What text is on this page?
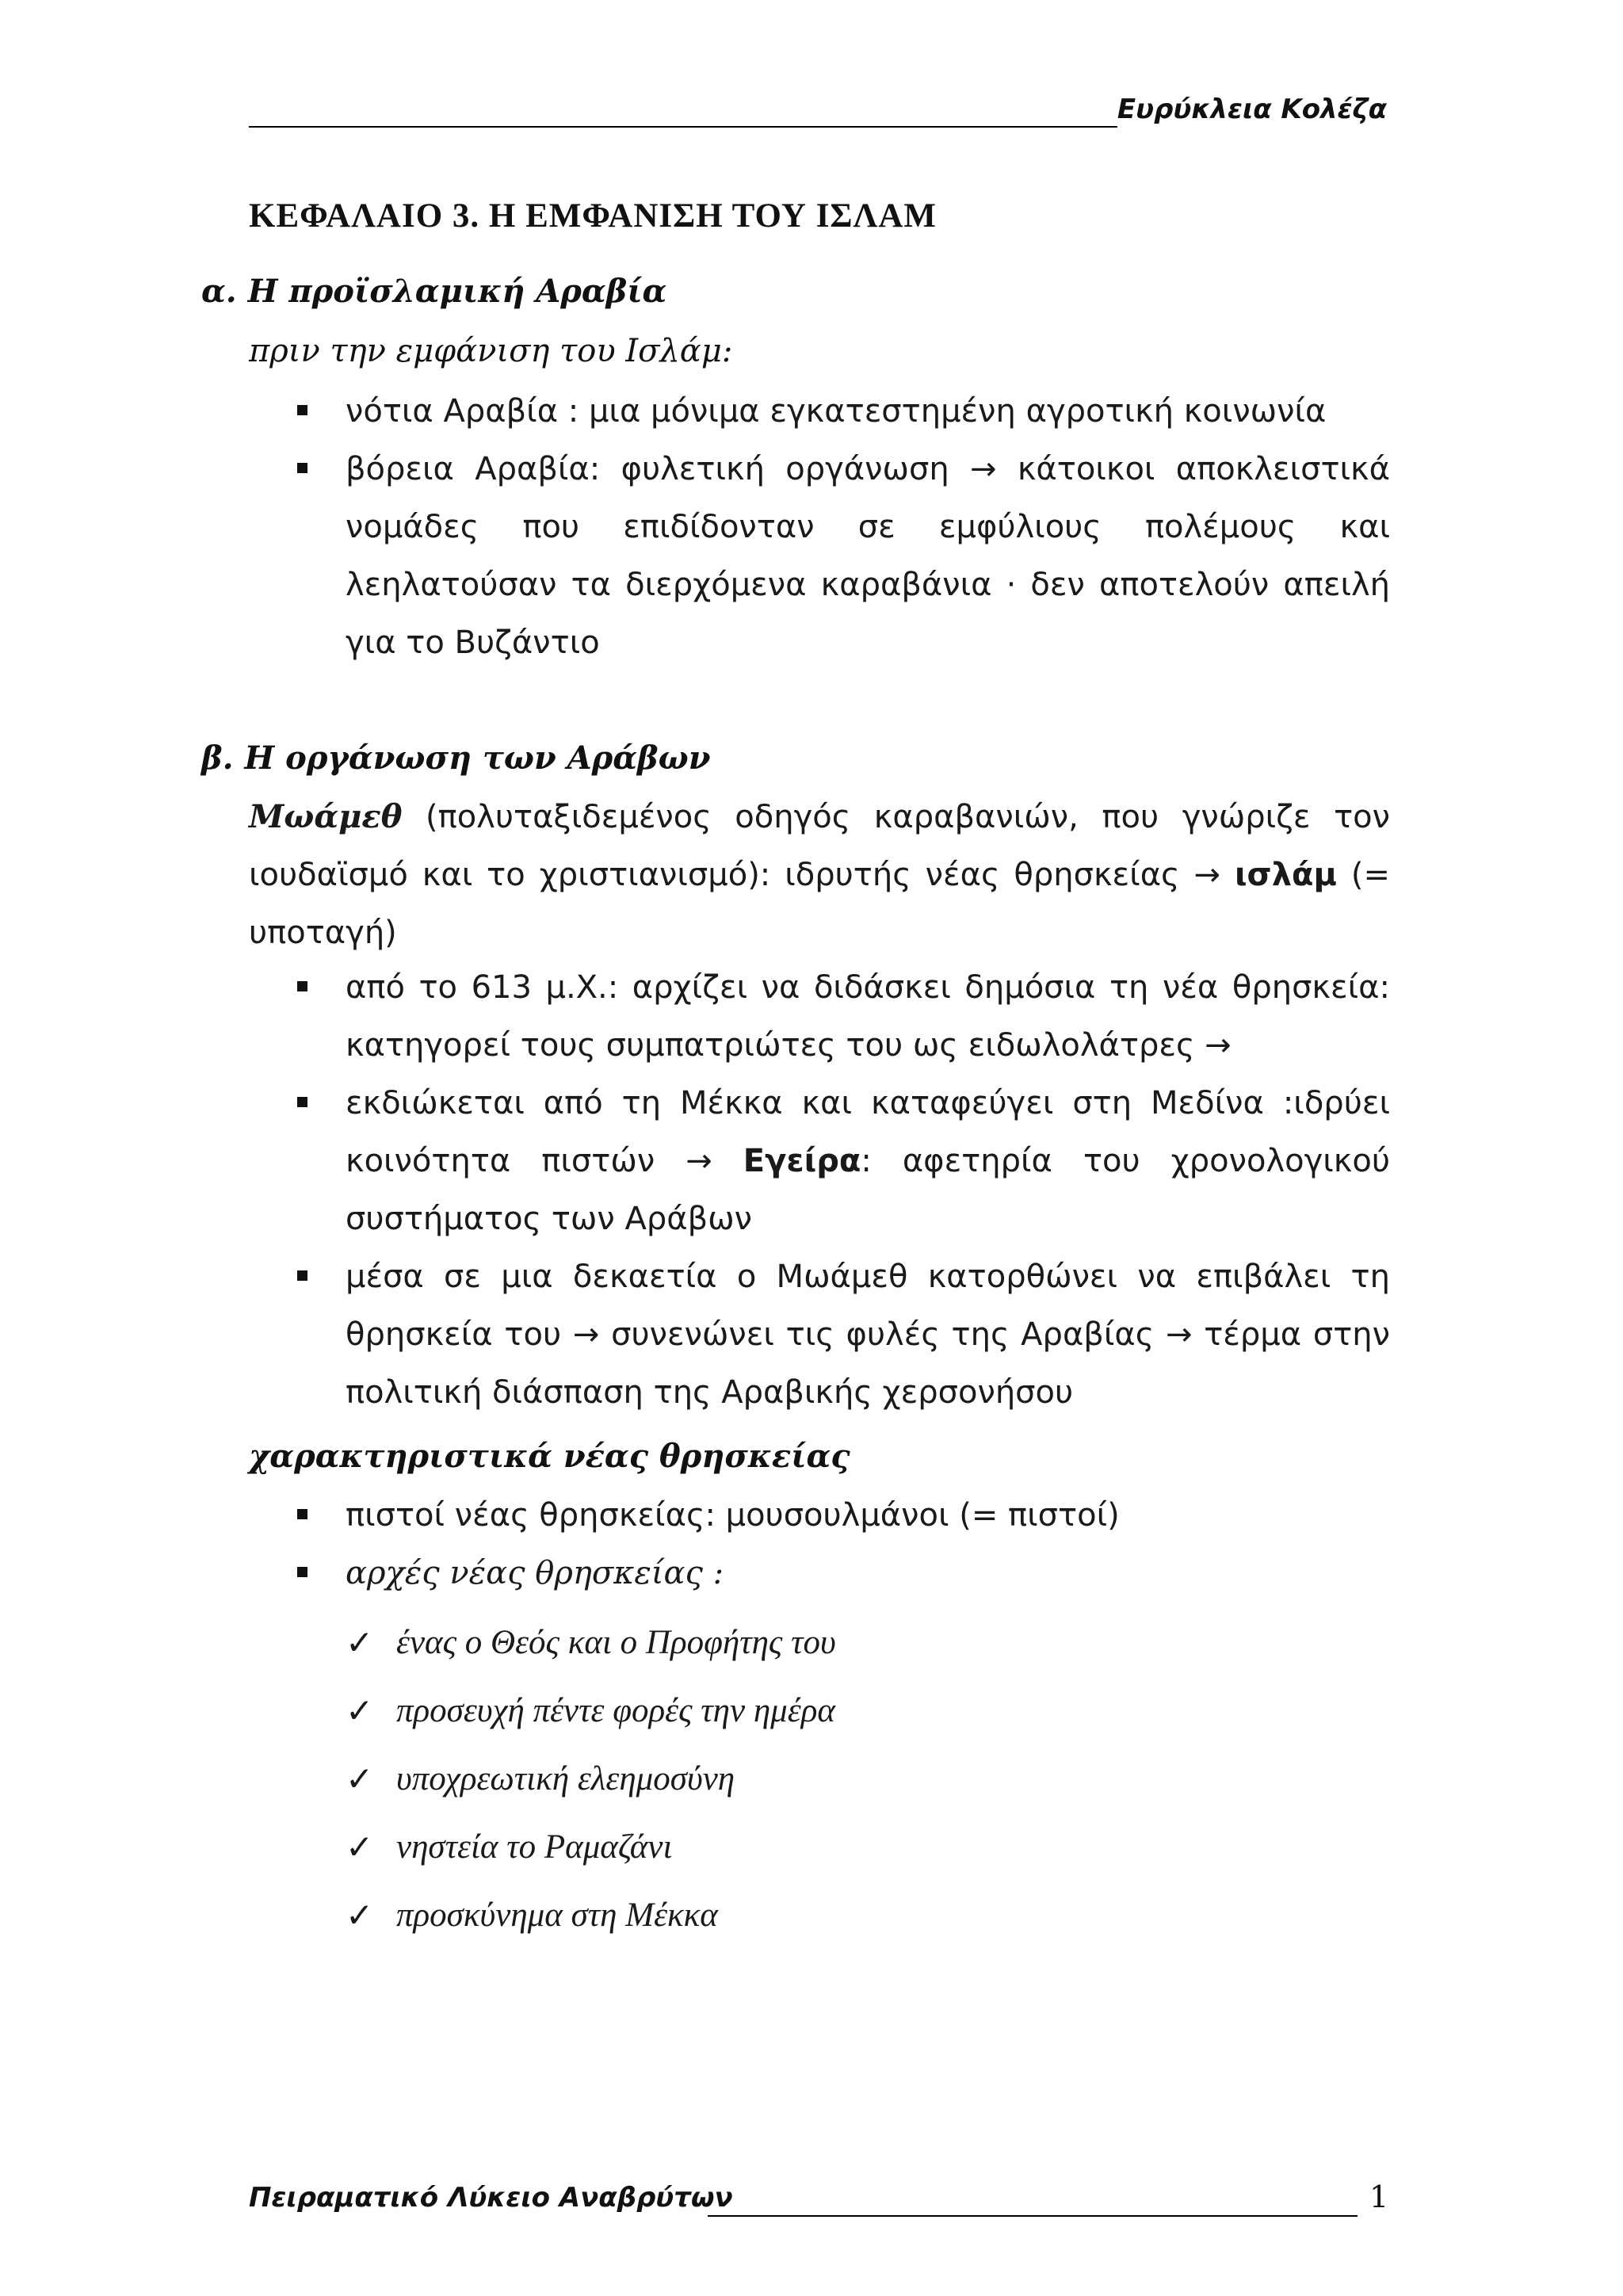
Ευρύκλεια Κολέζα
ΚΕΦΑΛΑΙΟ 3. Η ΕΜΦΑΝΙΣΗ ΤΟΥ ΙΣΛΑΜ
α. Η προϊσλαμική Αραβία
πριν την εμφάνιση του Ισλάμ:
νότια Αραβία : μια μόνιμα εγκατεστημένη αγροτική κοινωνία
βόρεια Αραβία: φυλετική οργάνωση → κάτοικοι αποκλειστικά νομάδες που επιδίδονταν σε εμφύλιους πολέμους και λεηλατούσαν τα διερχόμενα καραβάνια · δεν αποτελούν απειλή για το Βυζάντιο
β. Η οργάνωση των Αράβων

Μωάμεθ (πολυταξιδεμένος οδηγός καραβανιών, που γνώριζε τον ιουδαϊσμό και το χριστιανισμό): ιδρυτής νέας θρησκείας → ισλάμ (= υποταγή)

από το 613 μ.Χ.: αρχίζει να διδάσκει δημόσια τη νέα θρησκεία: κατηγορεί τους συμπατριώτες του ως ειδωλολάτρες →
εκδιώκεται από τη Μέκκα και καταφεύγει στη Μεδίνα :ιδρύει κοινότητα πιστών → Εγείρα: αφετηρία του χρονολογικού συστήματος των Αράβων
μέσα σε μια δεκαετία ο Μωάμεθ κατορθώνει να επιβάλει τη θρησκεία του → συνενώνει τις φυλές της Αραβίας → τέρμα στην πολιτική διάσπαση της Αραβικής χερσονήσου
χαρακτηριστικά νέας θρησκείας
πιστοί νέας θρησκείας: μουσουλμάνοι (= πιστοί)
αρχές νέας θρησκείας :
✓ ένας ο Θεός και ο Προφήτης του
✓ προσευχή πέντε φορές την ημέρα
✓ υποχρεωτική ελεημοσύνη
✓ νηστεία το Ραμαζάνι
✓ προσκύνημα στη Μέκκα
Πειραματικό Λύκειο Αναβρύτων	1
